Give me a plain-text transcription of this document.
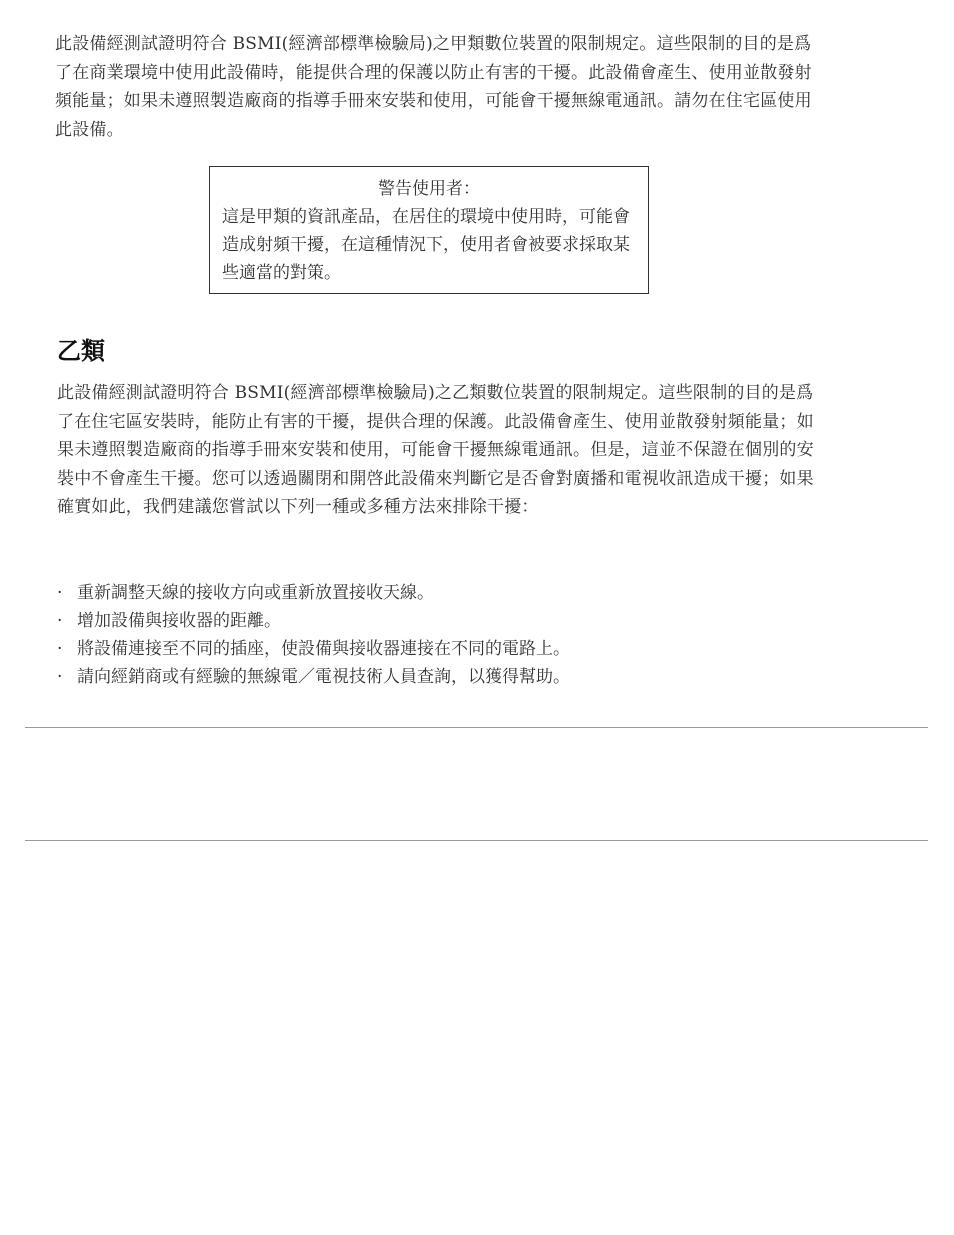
此設備經測試證明符合 BSMI(經濟部標準檢驗局)之甲類數位裝置的限制規定。這些限制的目的是爲了在商業環境中使用此設備時，能提供合理的保護以防止有害的干擾。此設備會產生、使用並散發射頻能量；如果未遵照製造廠商的指導手冊來安裝和使用，可能會干擾無線電通訊。請勿在住宅區使用此設備。

警告使用者：

這是甲類的資訊產品，在居住的環境中使用時，可能會造成射頻干擾，在這種情況下，使用者會被要求採取某些適當的對策。

乙類

此設備經測試證明符合 BSMI(經濟部標準檢驗局)之乙類數位裝置的限制規定。這些限制的目的是爲了在住宅區安裝時，能防止有害的干擾，提供合理的保護。此設備會產生、使用並散發射頻能量；如果未遵照製造廠商的指導手冊來安裝和使用，可能會干擾無線電通訊。但是，這並不保證在個別的安裝中不會產生干擾。您可以透過關閉和開啓此設備來判斷它是否會對廣播和電視收訊造成干擾；如果確實如此，我們建議您嘗試以下列一種或多種方法來排除干擾：

· 重新調整天線的接收方向或重新放置接收天線。
· 增加設備與接收器的距離。
· 將設備連接至不同的插座，使設備與接收器連接在不同的電路上。
· 請向經銷商或有經驗的無線電／電視技術人員查詢，以獲得幫助。
